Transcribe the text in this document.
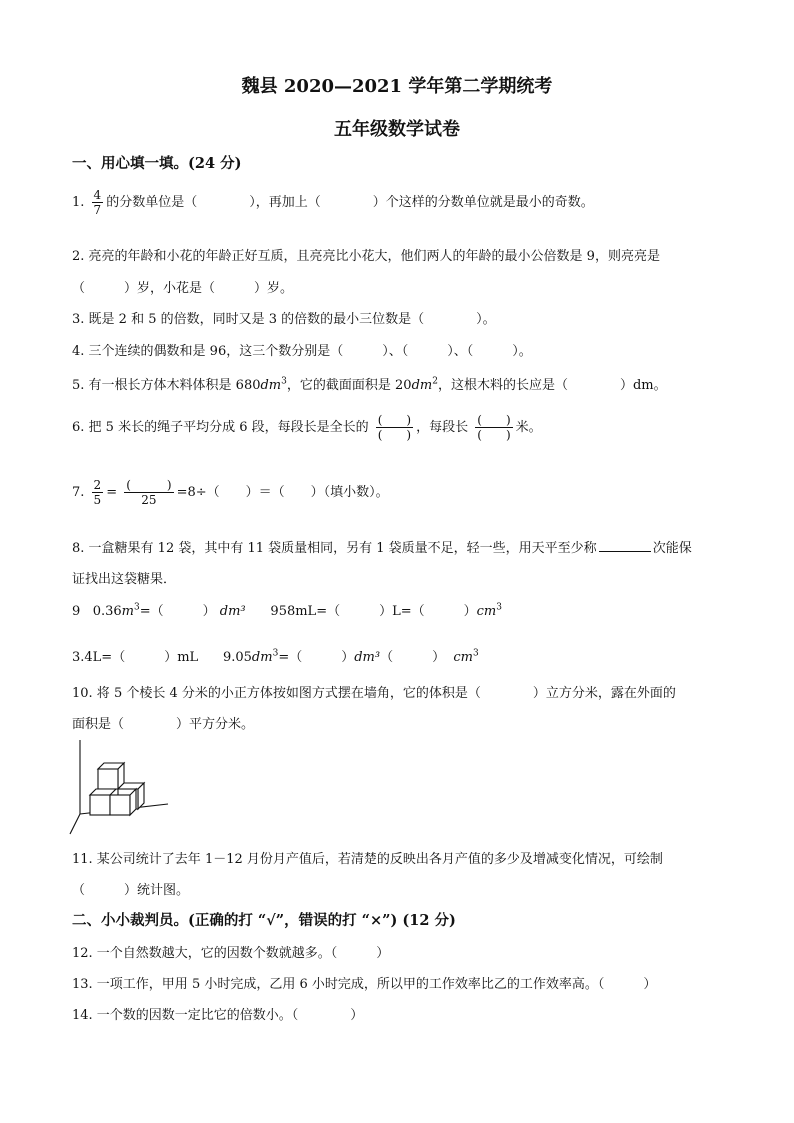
魏县 2020—2021 学年第二学期统考
五年级数学试卷
一、用心填一填。(24 分)
1. $\frac{4}{7}$ 的分数单位是（　　　　），再加上（　　　　）个这样的分数单位就是最小的奇数。
2. 亮亮的年龄和小花的年龄正好互质，且亮亮比小花大，他们两人的年龄的最小公倍数是 9，则亮亮是
（　　　）岁，小花是（　　　）岁。
3. 既是 2 和 5 的倍数，同时又是 3 的倍数的最小三位数是（　　　　）。
4. 三个连续的偶数和是 96，这三个数分别是（　　　）、（　　　）、（　　　）。
5. 有一根长方体木料体积是 $680dm^3$，它的截面面积是 $20dm^2$，这根木料的长应是（　　　　）dm。
6. 把 5 米长的绳子平均分成 6 段，每段长是全长的 $\frac{( )}{( )}$ ，每段长 $\frac{( )}{( )}$ 米。
7. $\frac{2}{5} = \frac{( )}{25} =8\div$（　　）＝（　　）（填小数）。
8. 一盒糖果有 12 袋，其中有 11 袋质量相同，另有 1 袋质量不足，轻一些，用天平至少称	次能保
证找出这袋糖果．
9 $0.36m^3=$（　　　） dm³ 958mL=（　　　）L=（　　　）$cm^3$
3.4L=（　　　）mL $9.05dm^3=$（　　　）dm³（　　　） $cm^3$
10. 将 5 个棱长 4 分米的小正方体按如图方式摆在墙角，它的体积是（　　　　）立方分米，露在外面的
面积是（　　　　）平方分米。
11. 某公司统计了去年 1－12 月份月产值后，若清楚的反映出各月产值的多少及增减变化情况，可绘制
（　　　）统计图。
二、小小裁判员。(正确的打 “√”，错误的打 “×”) (12 分)
12. 一个自然数越大，它的因数个数就越多。（　　　）
13. 一项工作，甲用 5 小时完成，乙用 6 小时完成，所以甲的工作效率比乙的工作效率高。（　　　）
14. 一个数的因数一定比它的倍数小。（　　　　）
